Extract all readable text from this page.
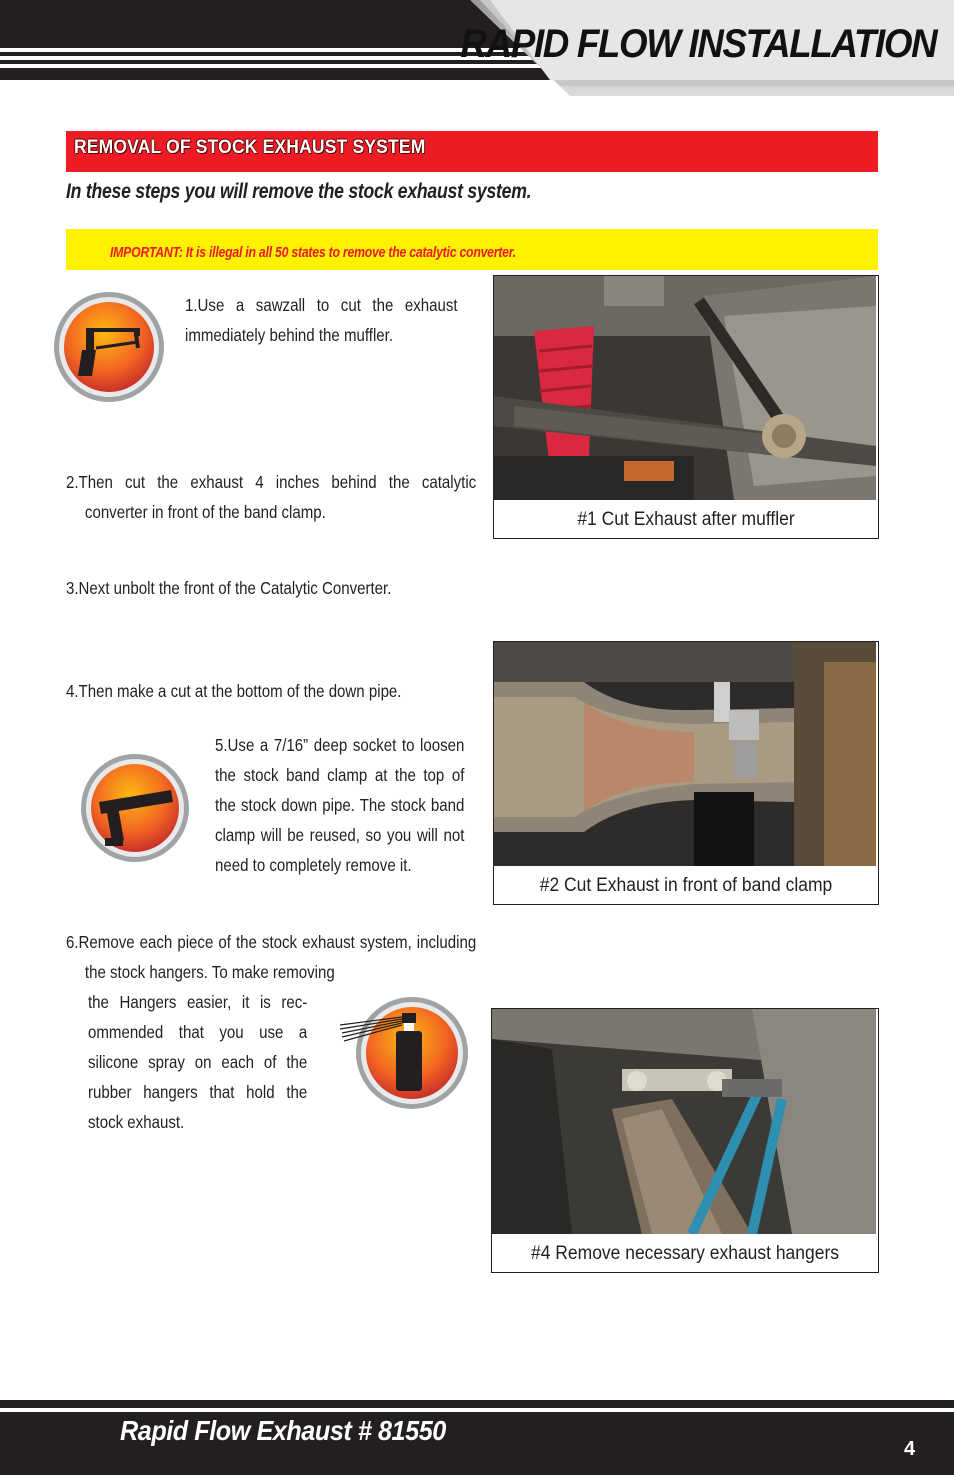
RAPID FLOW INSTALLATION
REMOVAL OF STOCK EXHAUST SYSTEM
In these steps you will remove the stock exhaust system.
IMPORTANT: It is illegal in all 50 states to remove the catalytic converter.
1.Use a sawzall to cut the exhaust immediately behind the muffler.
2.Then cut the exhaust 4 inches behind the catalytic converter in front of the band clamp.
3.Next unbolt the front of the Catalytic Converter.
4.Then make a cut at the bottom of the down pipe.
5.Use a 7/16” deep socket to loosen the stock band clamp at the top of the stock down pipe. The stock band clamp will be reused, so you will not need to completely remove it.
6.Remove each piece of the stock exhaust system, including the stock hangers. To make removing
the Hangers easier, it is rec-ommended that you use a silicone spray on each of the rubber hangers that hold the stock exhaust.
#1 Cut Exhaust after muffler
#2 Cut Exhaust in front of band clamp
#4 Remove necessary exhaust hangers
Rapid Flow Exhaust # 81550
4
